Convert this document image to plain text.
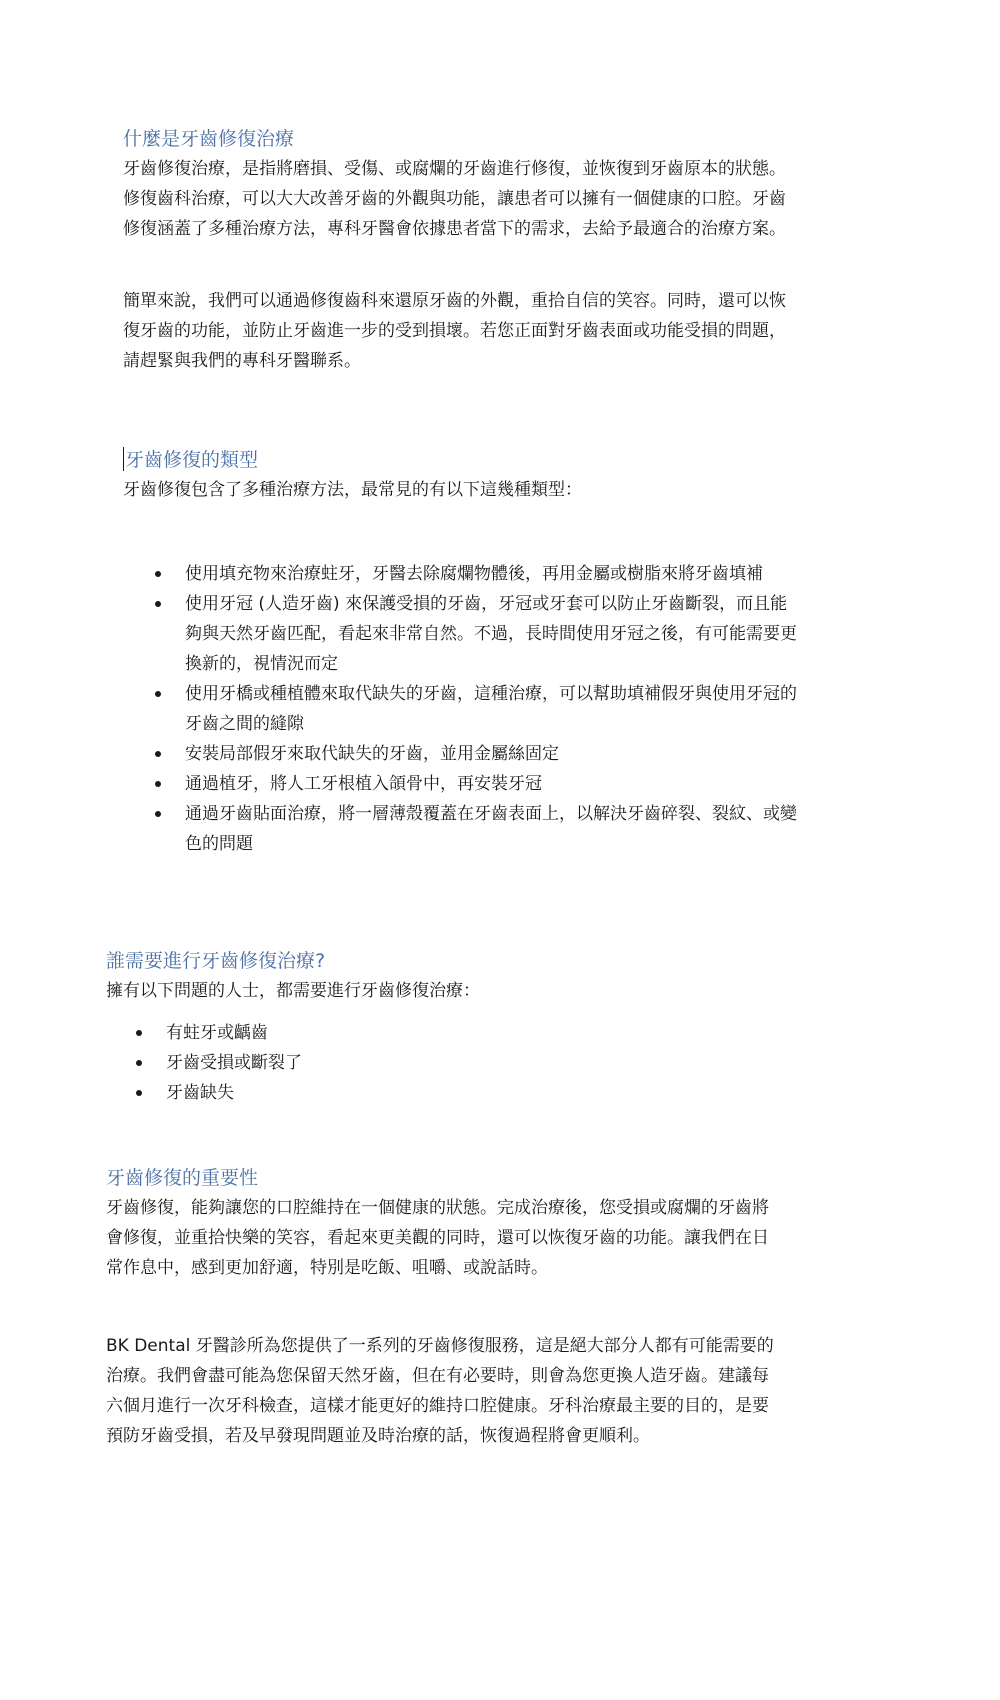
什麼是牙齒修復治療
牙齒修復治療，是指將磨損、受傷、或腐爛的牙齒進行修復，並恢復到牙齒原本的狀態。
修復齒科治療，可以大大改善牙齒的外觀與功能，讓患者可以擁有一個健康的口腔。牙齒
修復涵蓋了多種治療方法，專科牙醫會依據患者當下的需求，去給予最適合的治療方案。
簡單來說，我們可以通過修復齒科來還原牙齒的外觀，重拾自信的笑容。同時，還可以恢
復牙齒的功能，並防止牙齒進一步的受到損壞。若您正面對牙齒表面或功能受損的問題，
請趕緊與我們的專科牙醫聯系。
牙齒修復的類型
牙齒修復包含了多種治療方法，最常見的有以下這幾種類型：
使用填充物來治療蛀牙，牙醫去除腐爛物體後，再用金屬或樹脂來將牙齒填補
使用牙冠 (人造牙齒) 來保護受損的牙齒，牙冠或牙套可以防止牙齒斷裂，而且能
夠與天然牙齒匹配，看起來非常自然。不過，長時間使用牙冠之後，有可能需要更
換新的，視情況而定
使用牙橋或種植體來取代缺失的牙齒，這種治療，可以幫助填補假牙與使用牙冠的
牙齒之間的縫隙
安裝局部假牙來取代缺失的牙齒，並用金屬絲固定
通過植牙，將人工牙根植入頜骨中，再安裝牙冠
通過牙齒貼面治療，將一層薄殼覆蓋在牙齒表面上，以解決牙齒碎裂、裂紋、或變
色的問題
誰需要進行牙齒修復治療?
擁有以下問題的人士，都需要進行牙齒修復治療：
有蛀牙或齲齒
牙齒受損或斷裂了
牙齒缺失
牙齒修復的重要性
牙齒修復，能夠讓您的口腔維持在一個健康的狀態。完成治療後，您受損或腐爛的牙齒將
會修復，並重拾快樂的笑容，看起來更美觀的同時，還可以恢復牙齒的功能。讓我們在日
常作息中，感到更加舒適，特別是吃飯、咀嚼、或說話時。
BK Dental 牙醫診所為您提供了一系列的牙齒修復服務，這是絕大部分人都有可能需要的
治療。我們會盡可能為您保留天然牙齒，但在有必要時，則會為您更換人造牙齒。建議每
六個月進行一次牙科檢查，這樣才能更好的維持口腔健康。牙科治療最主要的目的，是要
預防牙齒受損，若及早發現問題並及時治療的話，恢復過程將會更順利。
